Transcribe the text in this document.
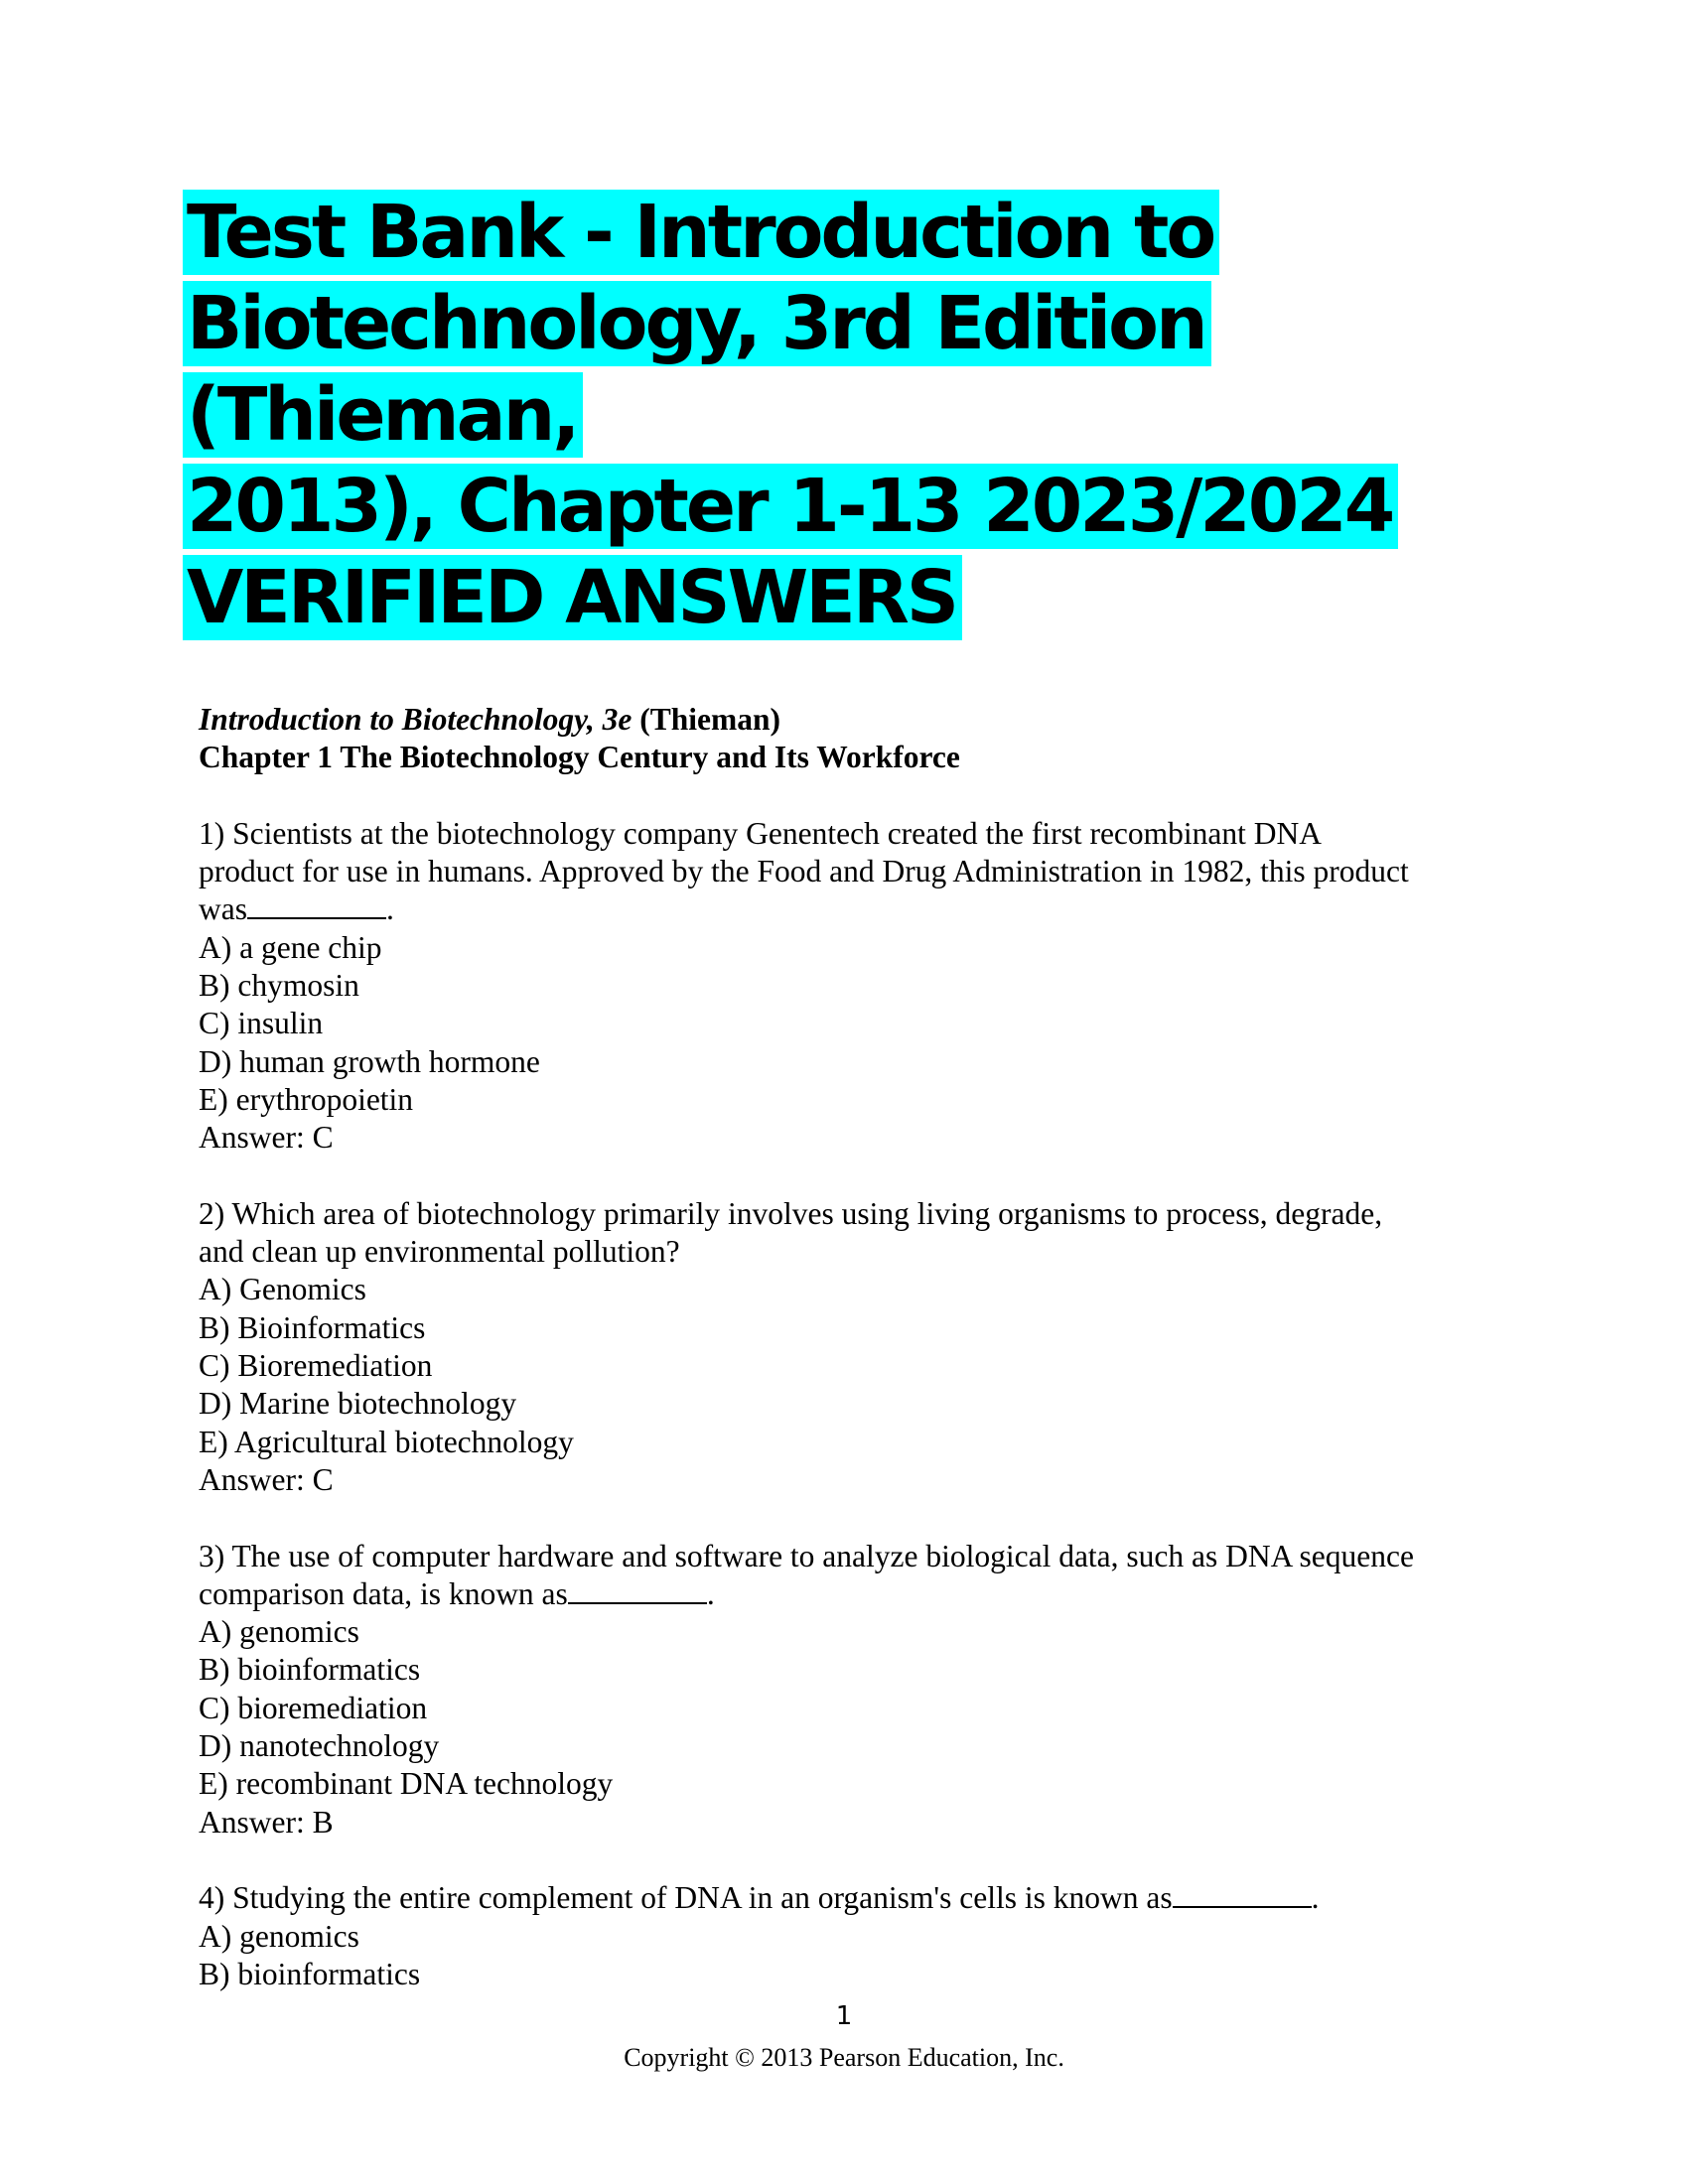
Test Bank - Introduction to
Biotechnology, 3rd Edition (Thieman,
2013), Chapter 1-13 2023/2024
VERIFIED ANSWERS
Introduction to Biotechnology, 3e (Thieman)
Chapter 1 The Biotechnology Century and Its Workforce
1) Scientists at the biotechnology company Genentech created the first recombinant DNA
product for use in humans. Approved by the Food and Drug Administration in 1982, this product
was	.
A) a gene chip
B) chymosin
C) insulin
D) human growth hormone
E) erythropoietin
Answer: C
2) Which area of biotechnology primarily involves using living organisms to process, degrade,
and clean up environmental pollution?
A) Genomics
B) Bioinformatics
C) Bioremediation
D) Marine biotechnology
E) Agricultural biotechnology
Answer: C
3) The use of computer hardware and software to analyze biological data, such as DNA sequence
comparison data, is known as	.
A) genomics
B) bioinformatics
C) bioremediation
D) nanotechnology
E) recombinant DNA technology
Answer: B
4) Studying the entire complement of DNA in an organism's cells is known as	.
A) genomics
B) bioinformatics
1
Copyright © 2013 Pearson Education, Inc.
